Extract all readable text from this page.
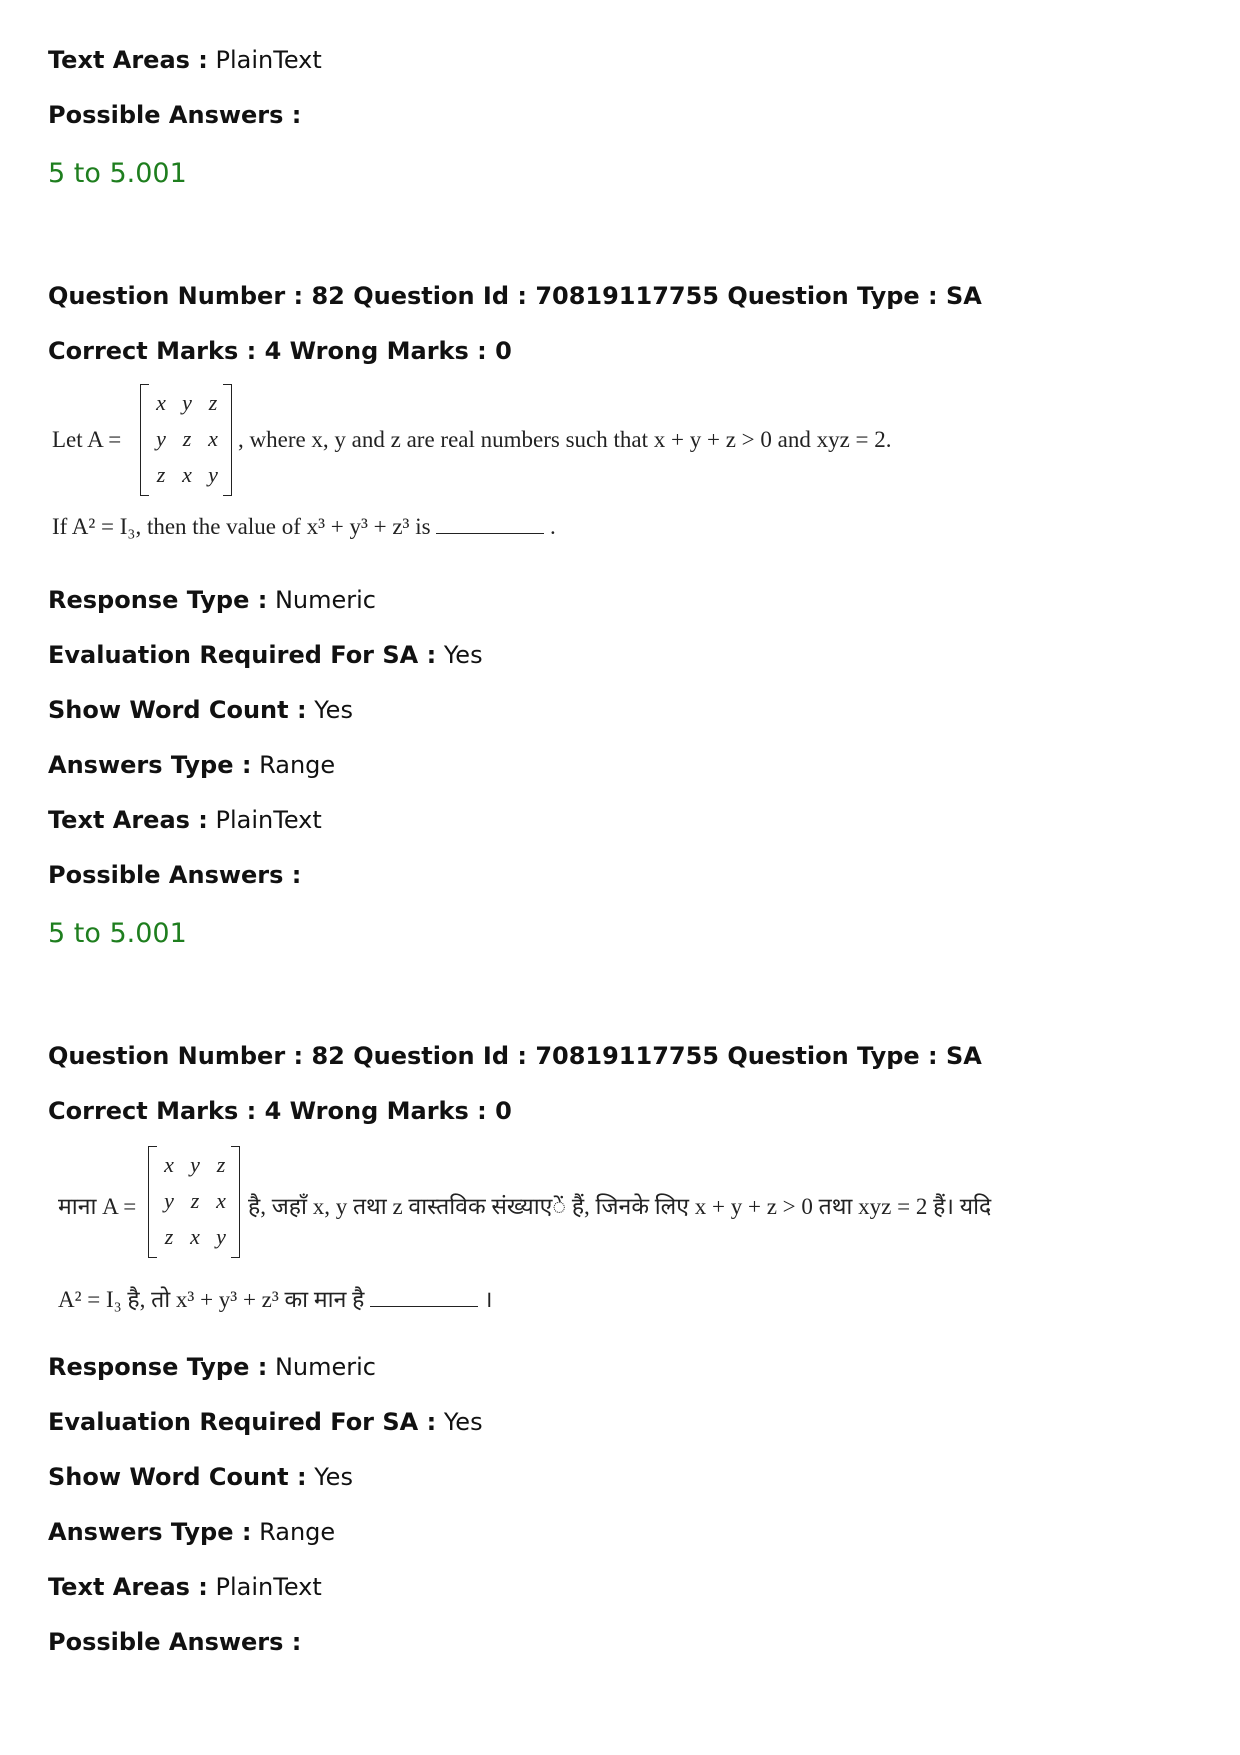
Text Areas : PlainText
Possible Answers :
5 to 5.001
Question Number : 82 Question Id : 70819117755 Question Type : SA
Correct Marks : 4 Wrong Marks : 0
Let A =
x y z
y z x
z x y
, where x, y and z are real numbers such that x + y + z > 0 and xyz = 2.
If A² = I₃, then the value of x³ + y³ + z³ is	.
Response Type : Numeric
Evaluation Required For SA : Yes
Show Word Count : Yes
Answers Type : Range
Text Areas : PlainText
Possible Answers :
5 to 5.001
Question Number : 82 Question Id : 70819117755 Question Type : SA
Correct Marks : 4 Wrong Marks : 0
माना A =
x y z
y z x
z x y
है, जहाँ x, y तथा z वास्तविक संख्याएें हैं, जिनके लिए x + y + z > 0 तथा xyz = 2 हैं। यदि
A² = I₃ है, तो x³ + y³ + z³ का मान है	।
Response Type : Numeric
Evaluation Required For SA : Yes
Show Word Count : Yes
Answers Type : Range
Text Areas : PlainText
Possible Answers :
